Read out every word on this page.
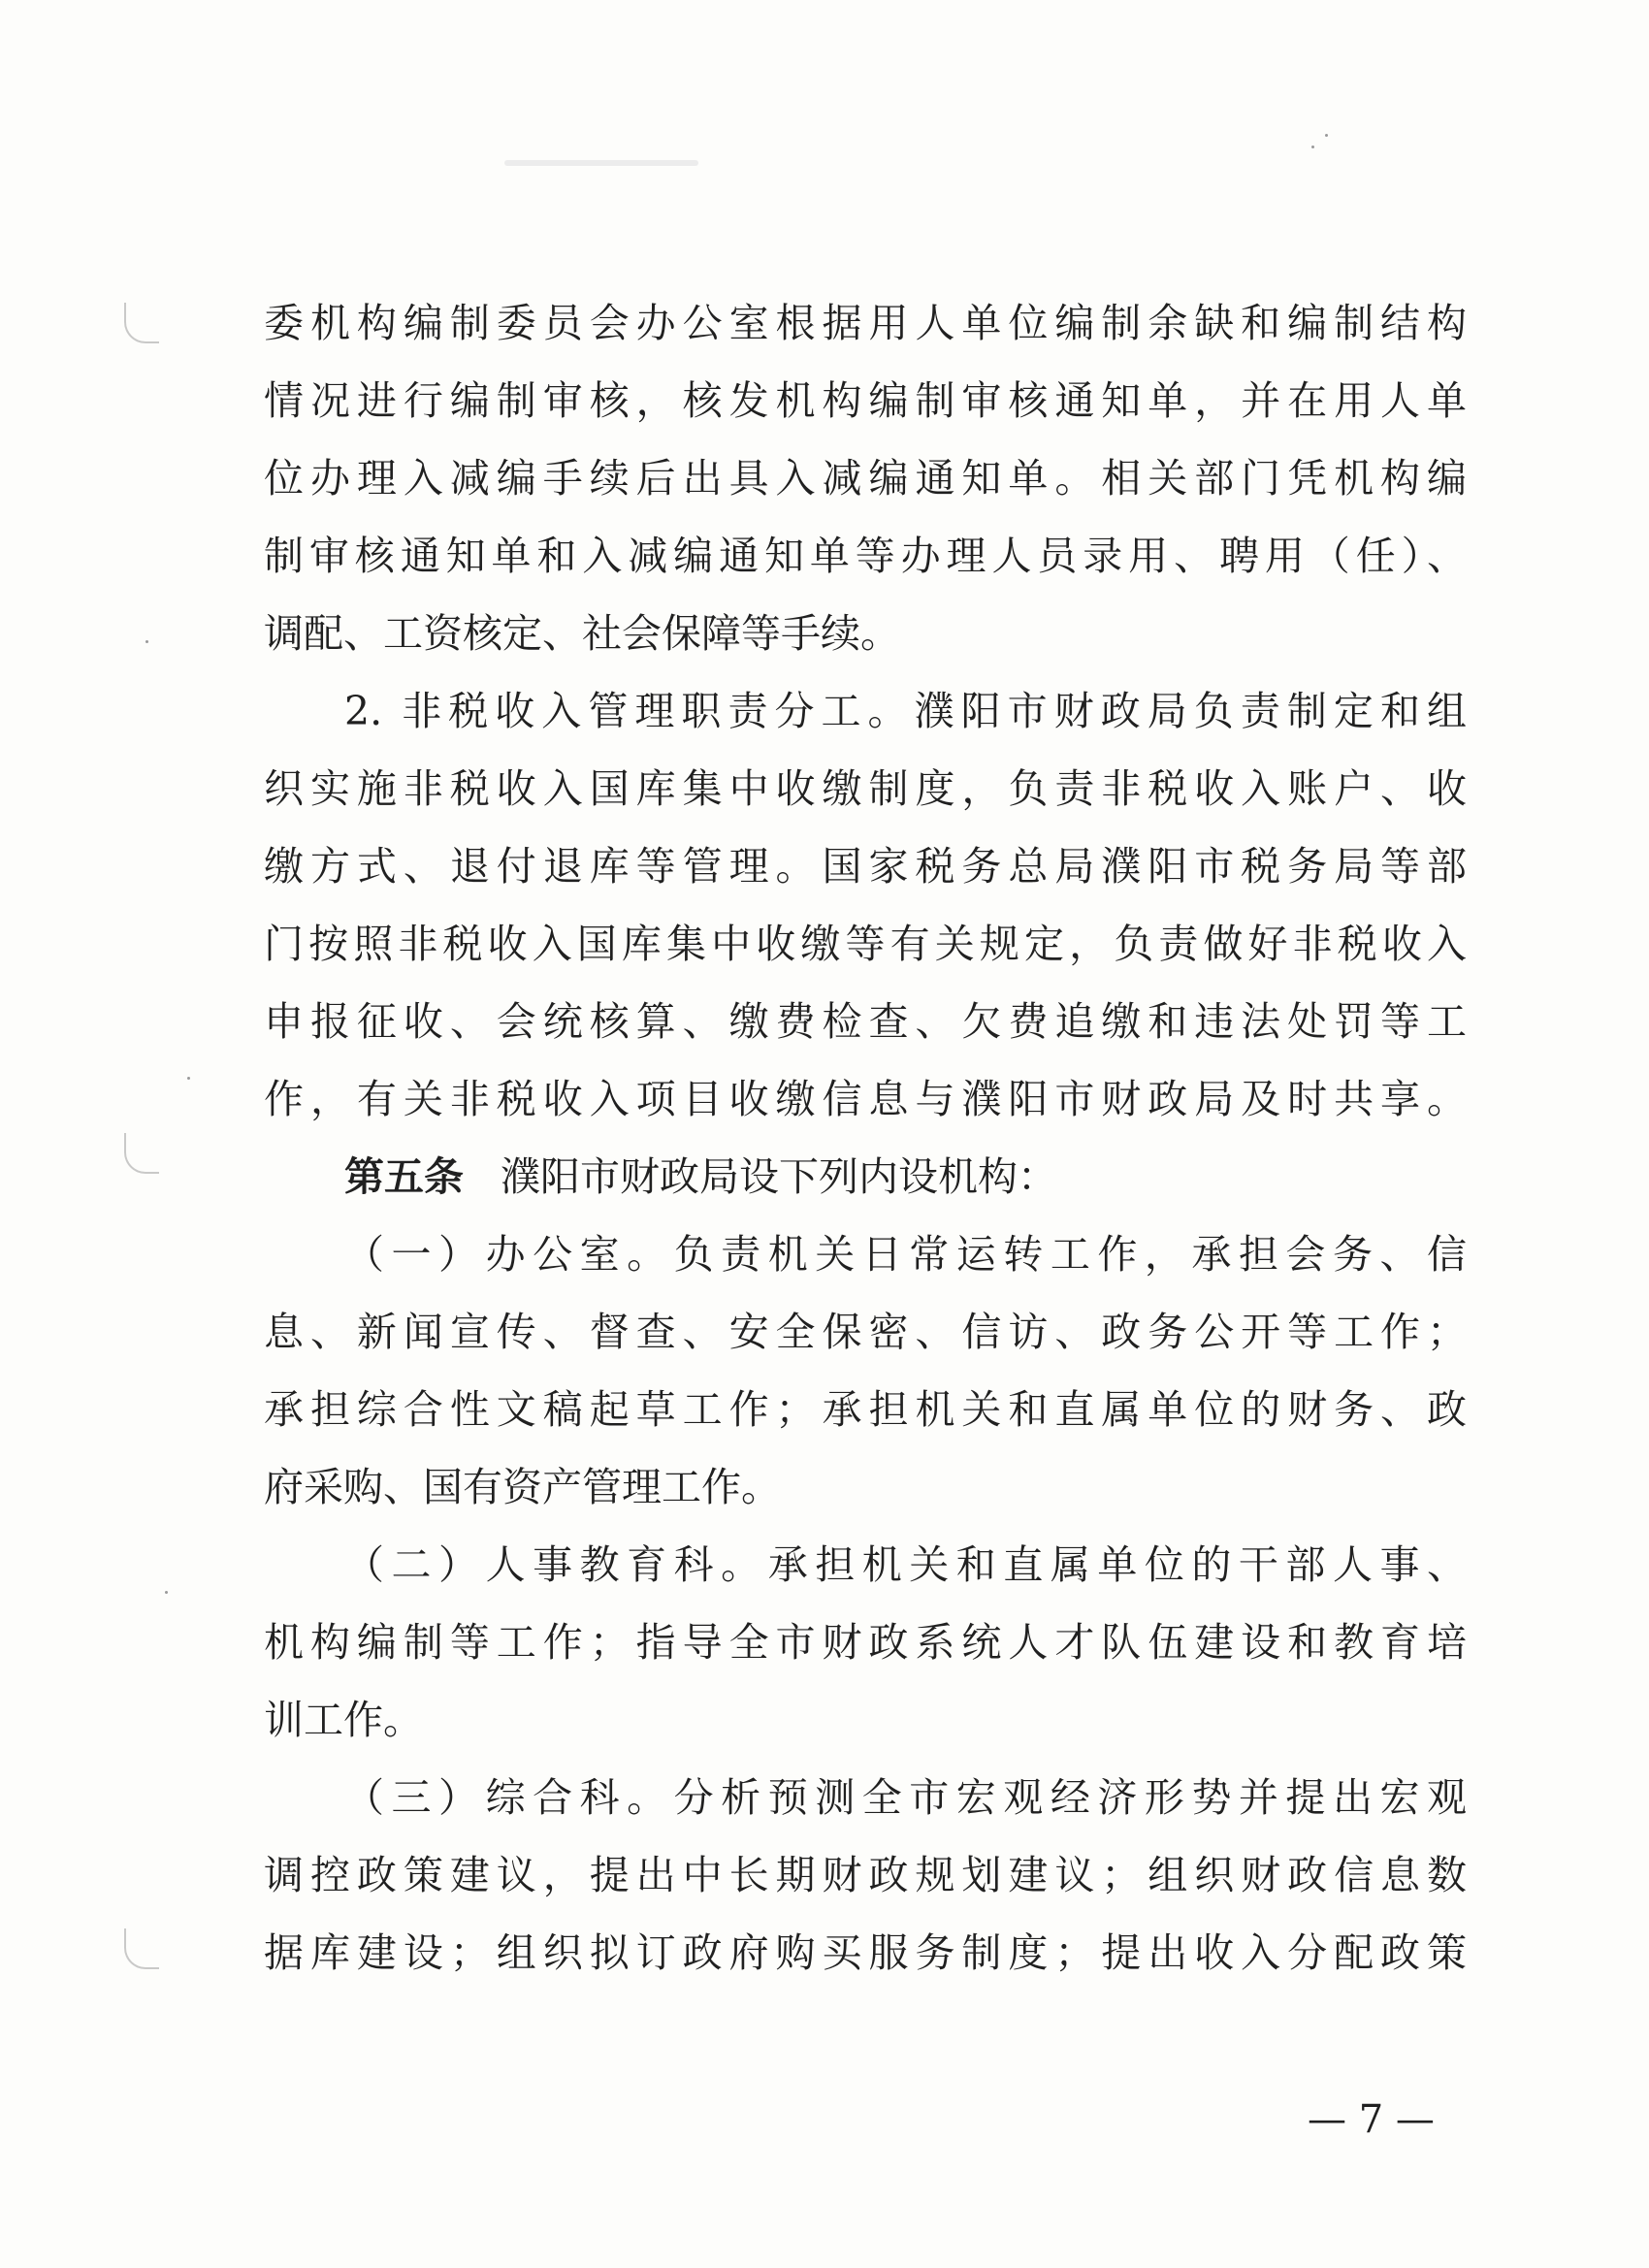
委机构编制委员会办公室根据用人单位编制余缺和编制结构
情况进行编制审核，核发机构编制审核通知单，并在用人单
位办理入减编手续后出具入减编通知单。相关部门凭机构编
制审核通知单和入减编通知单等办理人员录用、聘用（任）、
调配、工资核定、社会保障等手续。
2. 非税收入管理职责分工。濮阳市财政局负责制定和组
织实施非税收入国库集中收缴制度，负责非税收入账户、收
缴方式、退付退库等管理。国家税务总局濮阳市税务局等部
门按照非税收入国库集中收缴等有关规定，负责做好非税收入
申报征收、会统核算、缴费检查、欠费追缴和违法处罚等工
作，有关非税收入项目收缴信息与濮阳市财政局及时共享。
第五条 濮阳市财政局设下列内设机构：
（一）办公室。负责机关日常运转工作，承担会务、信
息、新闻宣传、督查、安全保密、信访、政务公开等工作；
承担综合性文稿起草工作；承担机关和直属单位的财务、政
府采购、国有资产管理工作。
（二）人事教育科。承担机关和直属单位的干部人事、
机构编制等工作；指导全市财政系统人才队伍建设和教育培
训工作。
（三）综合科。分析预测全市宏观经济形势并提出宏观
调控政策建议，提出中长期财政规划建议；组织财政信息数
据库建设；组织拟订政府购买服务制度；提出收入分配政策
— 7 —
